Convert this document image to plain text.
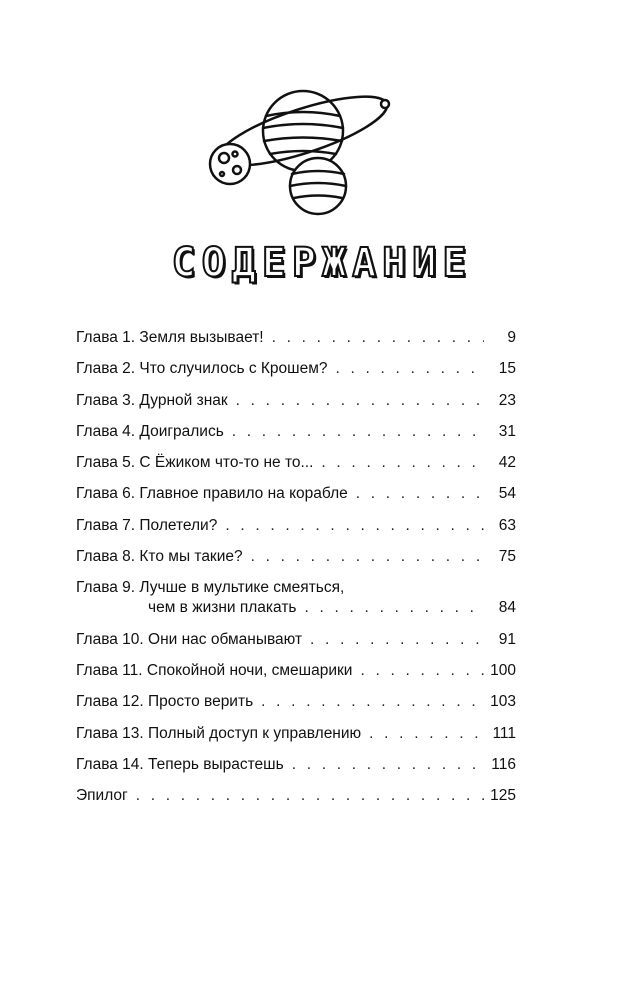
СОДЕРЖАНИЕ
Глава 1. Земля вызывает! . . .	9
Глава 2. Что случилось с Крошем? . . .	15
Глава 3. Дурной знак . . .	23
Глава 4. Доигрались . . .	31
Глава 5. С Ёжиком что-то не то... . . .	42
Глава 6. Главное правило на корабле . . .	54
Глава 7. Полетели? . . .	63
Глава 8. Кто мы такие? . . .	75
Глава 9. Лучше в мультике смеяться,
чем в жизни плакать . . .	84
Глава 10. Они нас обманывают . . .	91
Глава 11. Спокойной ночи, смешарики . . .	100
Глава 12. Просто верить . . .	103
Глава 13. Полный доступ к управлению . . .	111
Глава 14. Теперь вырастешь . . .	116
Эпилог . . .	125
